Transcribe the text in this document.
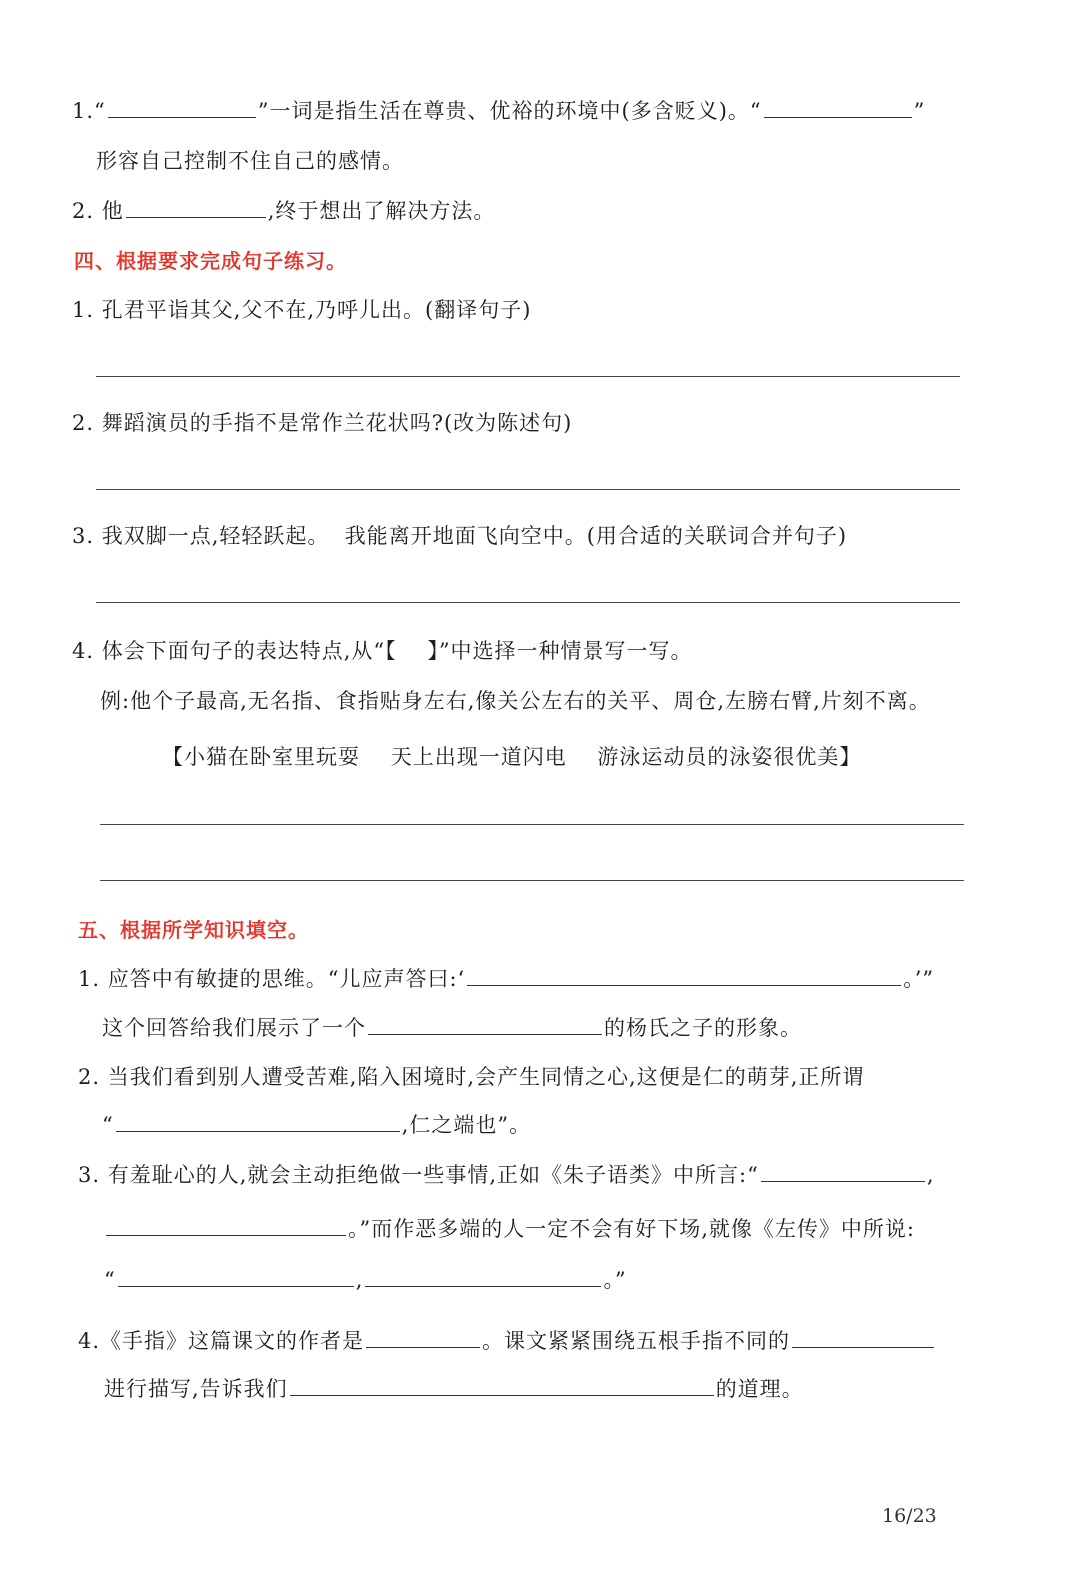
1.“	”一词是指生活在尊贵、优裕的环境中(多含贬义)。“	”
形容自己控制不住自己的感情。
2. 他	,终于想出了解决方法。
四、根据要求完成句子练习。
1. 孔君平诣其父,父不在,乃呼儿出。(翻译句子)
2. 舞蹈演员的手指不是常作兰花状吗?(改为陈述句)
3. 我双脚一点,轻轻跃起。  我能离开地面飞向空中。(用合适的关联词合并句子)
4. 体会下面句子的表达特点,从“【    】”中选择一种情景写一写。
例:他个子最高,无名指、食指贴身左右,像关公左右的关平、周仓,左膀右臂,片刻不离。
【小猫在卧室里玩耍    天上出现一道闪电    游泳运动员的泳姿很优美】
五、根据所学知识填空。
1. 应答中有敏捷的思维。“儿应声答曰:‘	。’”
这个回答给我们展示了一个	的杨氏之子的形象。
2. 当我们看到别人遭受苦难,陷入困境时,会产生同情之心,这便是仁的萌芽,正所谓
“	,仁之端也”。
3. 有羞耻心的人,就会主动拒绝做一些事情,正如《朱子语类》中所言:“	,
。”而作恶多端的人一定不会有好下场,就像《左传》中所说:
“	,	。”
4.《手指》这篇课文的作者是	。课文紧紧围绕五根手指不同的
进行描写,告诉我们	的道理。
16/23
